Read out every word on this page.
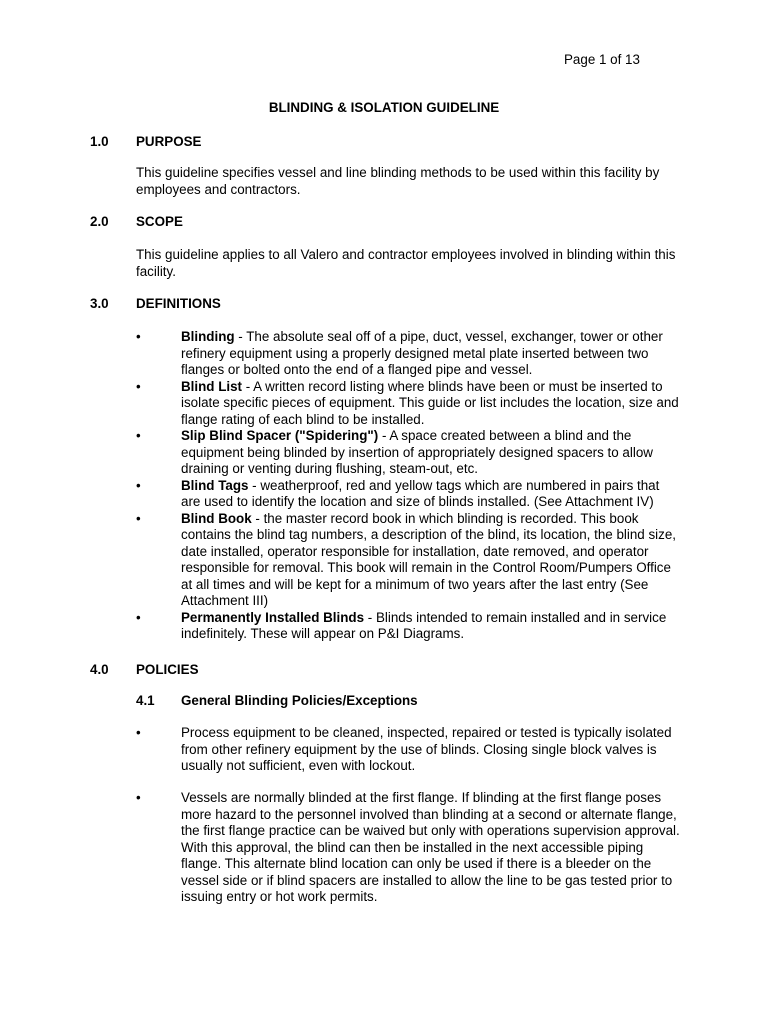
Page 1 of 13
BLINDING & ISOLATION GUIDELINE
1.0 PURPOSE
This guideline specifies vessel and line blinding methods to be used within this facility by employees and contractors.
2.0 SCOPE
This guideline applies to all Valero and contractor employees involved in blinding within this facility.
3.0 DEFINITIONS
•	Blinding - The absolute seal off of a pipe, duct, vessel, exchanger, tower or other refinery equipment using a properly designed metal plate inserted between two flanges or bolted onto the end of a flanged pipe and vessel.
•	Blind List - A written record listing where blinds have been or must be inserted to isolate specific pieces of equipment. This guide or list includes the location, size and flange rating of each blind to be installed.
•	Slip Blind Spacer ("Spidering") - A space created between a blind and the equipment being blinded by insertion of appropriately designed spacers to allow draining or venting during flushing, steam-out, etc.
•	Blind Tags - weatherproof, red and yellow tags which are numbered in pairs that are used to identify the location and size of blinds installed. (See Attachment IV)
•	Blind Book - the master record book in which blinding is recorded. This book contains the blind tag numbers, a description of the blind, its location, the blind size, date installed, operator responsible for installation, date removed, and operator responsible for removal. This book will remain in the Control Room/Pumpers Office at all times and will be kept for a minimum of two years after the last entry (See Attachment III)
•	Permanently Installed Blinds - Blinds intended to remain installed and in service indefinitely. These will appear on P&I Diagrams.
4.0 POLICIES
4.1 General Blinding Policies/Exceptions
•	Process equipment to be cleaned, inspected, repaired or tested is typically isolated from other refinery equipment by the use of blinds. Closing single block valves is usually not sufficient, even with lockout.
•	Vessels are normally blinded at the first flange. If blinding at the first flange poses more hazard to the personnel involved than blinding at a second or alternate flange, the first flange practice can be waived but only with operations supervision approval. With this approval, the blind can then be installed in the next accessible piping flange. This alternate blind location can only be used if there is a bleeder on the vessel side or if blind spacers are installed to allow the line to be gas tested prior to issuing entry or hot work permits.
